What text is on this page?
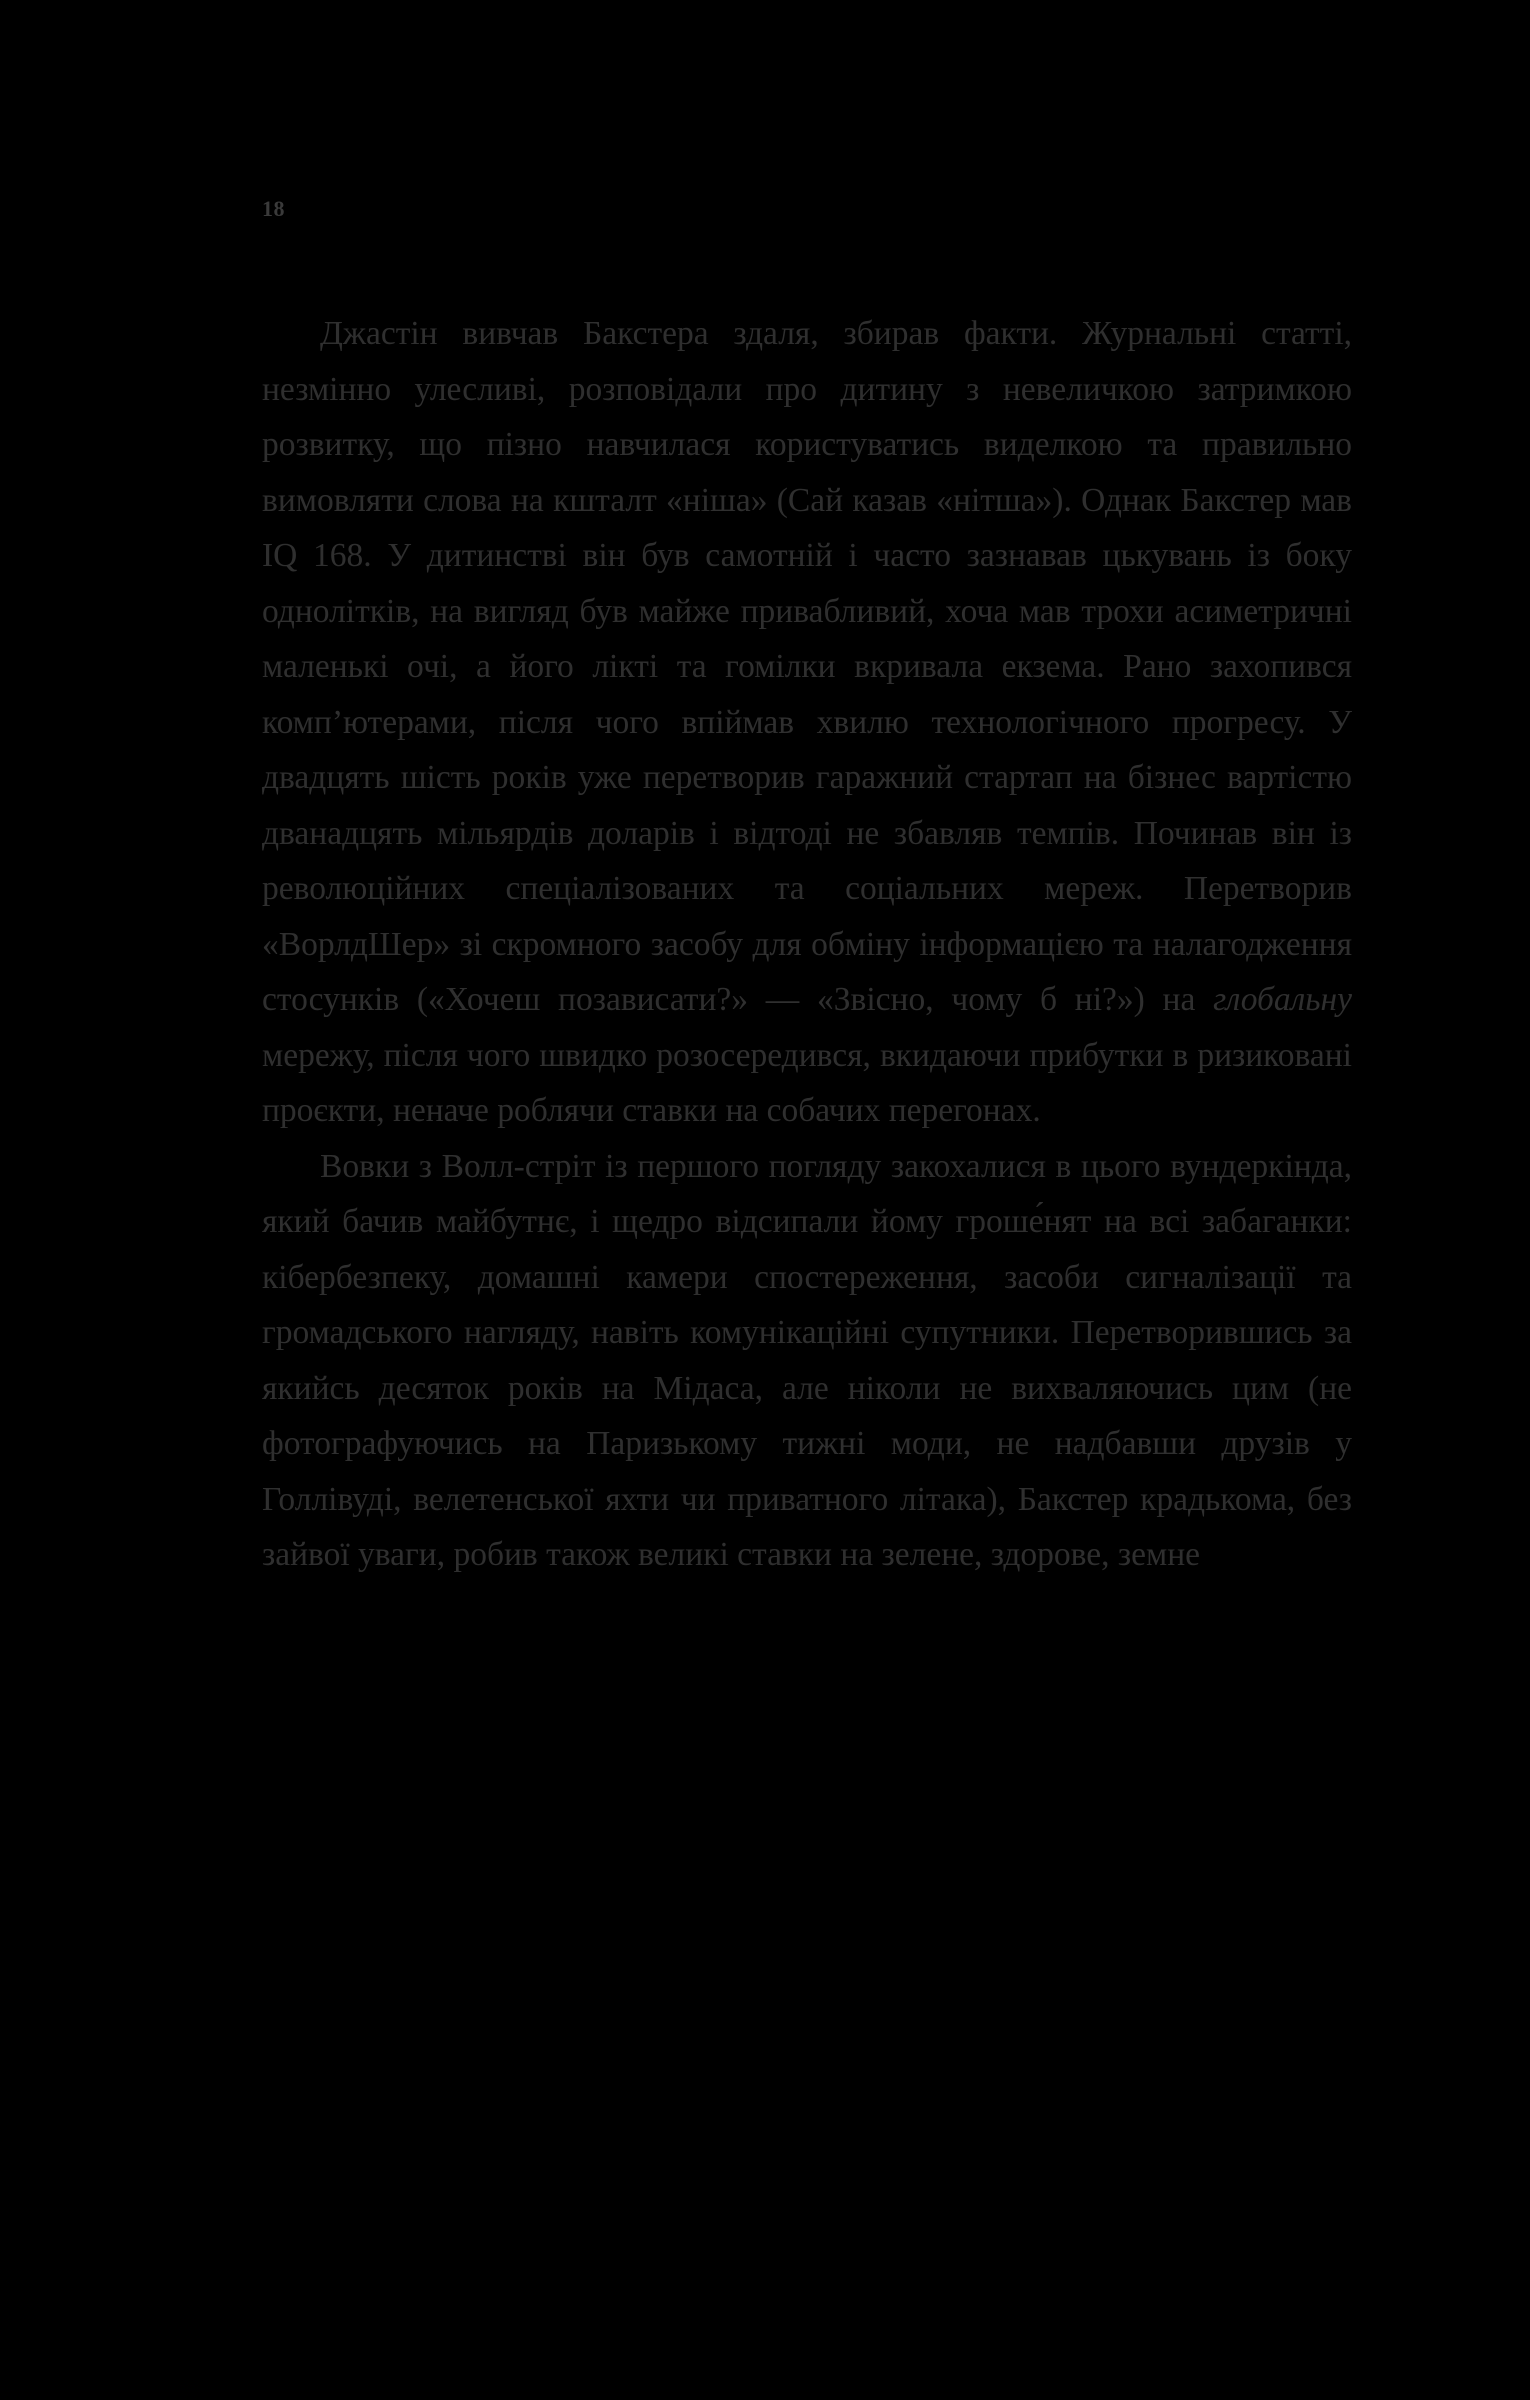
18

Джастін вивчав Бакстера здаля, збирав факти. Журнальні статті, незмінно улесливі, розповідали про дитину з невеличкою затримкою розвитку, що пізно навчилася користуватись виделкою та правильно вимовляти слова на кшталт «ніша» (Сай казав «нітша»). Однак Бакстер мав IQ 168. У дитинстві він був самотній і часто зазнавав цькувань із боку однолітків, на вигляд був майже привабливий, хоча мав трохи асиметричні маленькі очі, а його лікті та гомілки вкривала екзема. Рано захопився комп’ютерами, після чого впіймав хвилю технологічного прогресу. У двадцять шість років уже перетворив гаражний стартап на бізнес вартістю дванадцять мільярдів доларів і відтоді не збавляв темпів. Починав він із революційних спеціалізованих та соціальних мереж. Перетворив «ВорлдШер» зі скромного засобу для обміну інформацією та налагодження стосунків («Хочеш позависати?» — «Звісно, чому б ні?») на глобальну мережу, після чого швидко розосередився, вкидаючи прибутки в ризиковані проєкти, неначе роблячи ставки на собачих перегонах.

Вовки з Волл-стріт із першого погляду закохалися в цього вундеркінда, який бачив майбутнє, і щедро відсипали йому гроше́нят на всі забаганки: кібербезпеку, домашні камери спостереження, засоби сигналізації та громадського нагляду, навіть комунікаційні супутники. Перетворившись за якийсь десяток років на Мідаса, але ніколи не вихваляючись цим (не фотографуючись на Паризькому тижні моди, не надбавши друзів у Голлівуді, велетенської яхти чи приватного літака), Бакстер крадькома, без зайвої уваги, робив також великі ставки на зелене, здорове, земне
